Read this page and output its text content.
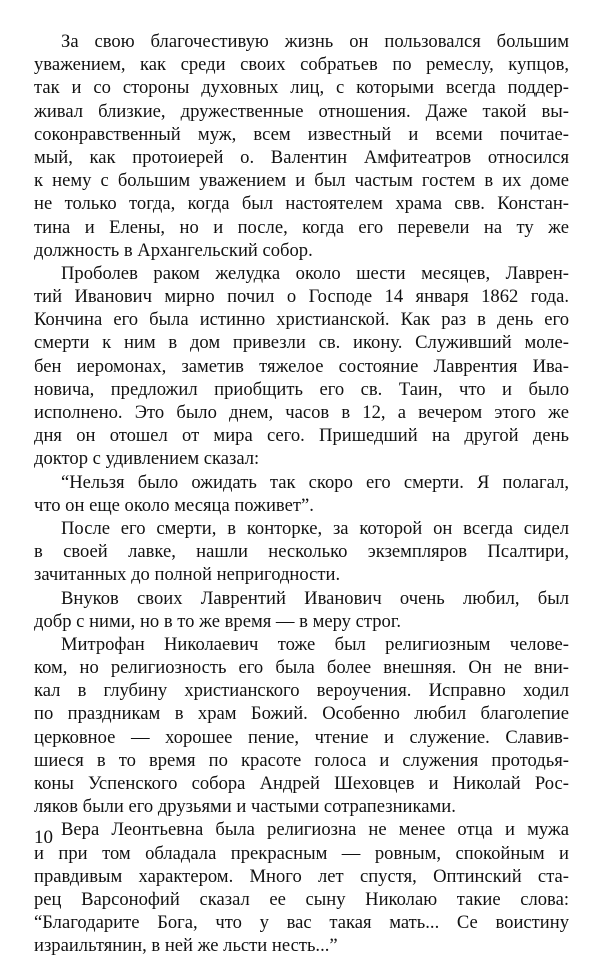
За свою благочестивую жизнь он пользовался большим
уважением, как среди своих собратьев по ремеслу, купцов,
так и со стороны духовных лиц, с которыми всегда поддер-
живал близкие, дружественные отношения. Даже такой вы-
соконравственный муж, всем известный и всеми почитае-
мый, как протоиерей о. Валентин Амфитеатров относился
к нему с большим уважением и был частым гостем в их доме
не только тогда, когда был настоятелем храма свв. Констан-
тина и Елены, но и после, когда его перевели на ту же
должность в Архангельский собор.
Проболев раком желудка около шести месяцев, Лаврен-
тий Иванович мирно почил о Господе 14 января 1862 года.
Кончина его была истинно христианской. Как раз в день его
смерти к ним в дом привезли св. икону. Служивший моле-
бен иеромонах, заметив тяжелое состояние Лаврентия Ива-
новича, предложил приобщить его св. Таин, что и было
исполнено. Это было днем, часов в 12, а вечером этого же
дня он отошел от мира сего. Пришедший на другой день
доктор с удивлением сказал:
“Нельзя было ожидать так скоро его смерти. Я полагал,
что он еще около месяца поживет”.
После его смерти, в конторке, за которой он всегда сидел
в своей лавке, нашли несколько экземпляров Псалтири,
зачитанных до полной непригодности.
Внуков своих Лаврентий Иванович очень любил, был
добр с ними, но в то же время — в меру строг.
Митрофан Николаевич тоже был религиозным челове-
ком, но религиозность его была более внешняя. Он не вни-
кал в глубину христианского вероучения. Исправно ходил
по праздникам в храм Божий. Особенно любил благолепие
церковное — хорошее пение, чтение и служение. Славив-
шиеся в то время по красоте голоса и служения протодья-
коны Успенского собора Андрей Шеховцев и Николай Рос-
ляков были его друзьями и частыми сотрапезниками.
Вера Леонтьевна была религиозна не менее отца и мужа
и при том обладала прекрасным — ровным, спокойным и
правдивым характером. Много лет спустя, Оптинский ста-
рец Варсонофий сказал ее сыну Николаю такие слова:
“Благодарите Бога, что у вас такая мать... Се воистину
израильтянин, в ней же льсти несть...”
10
